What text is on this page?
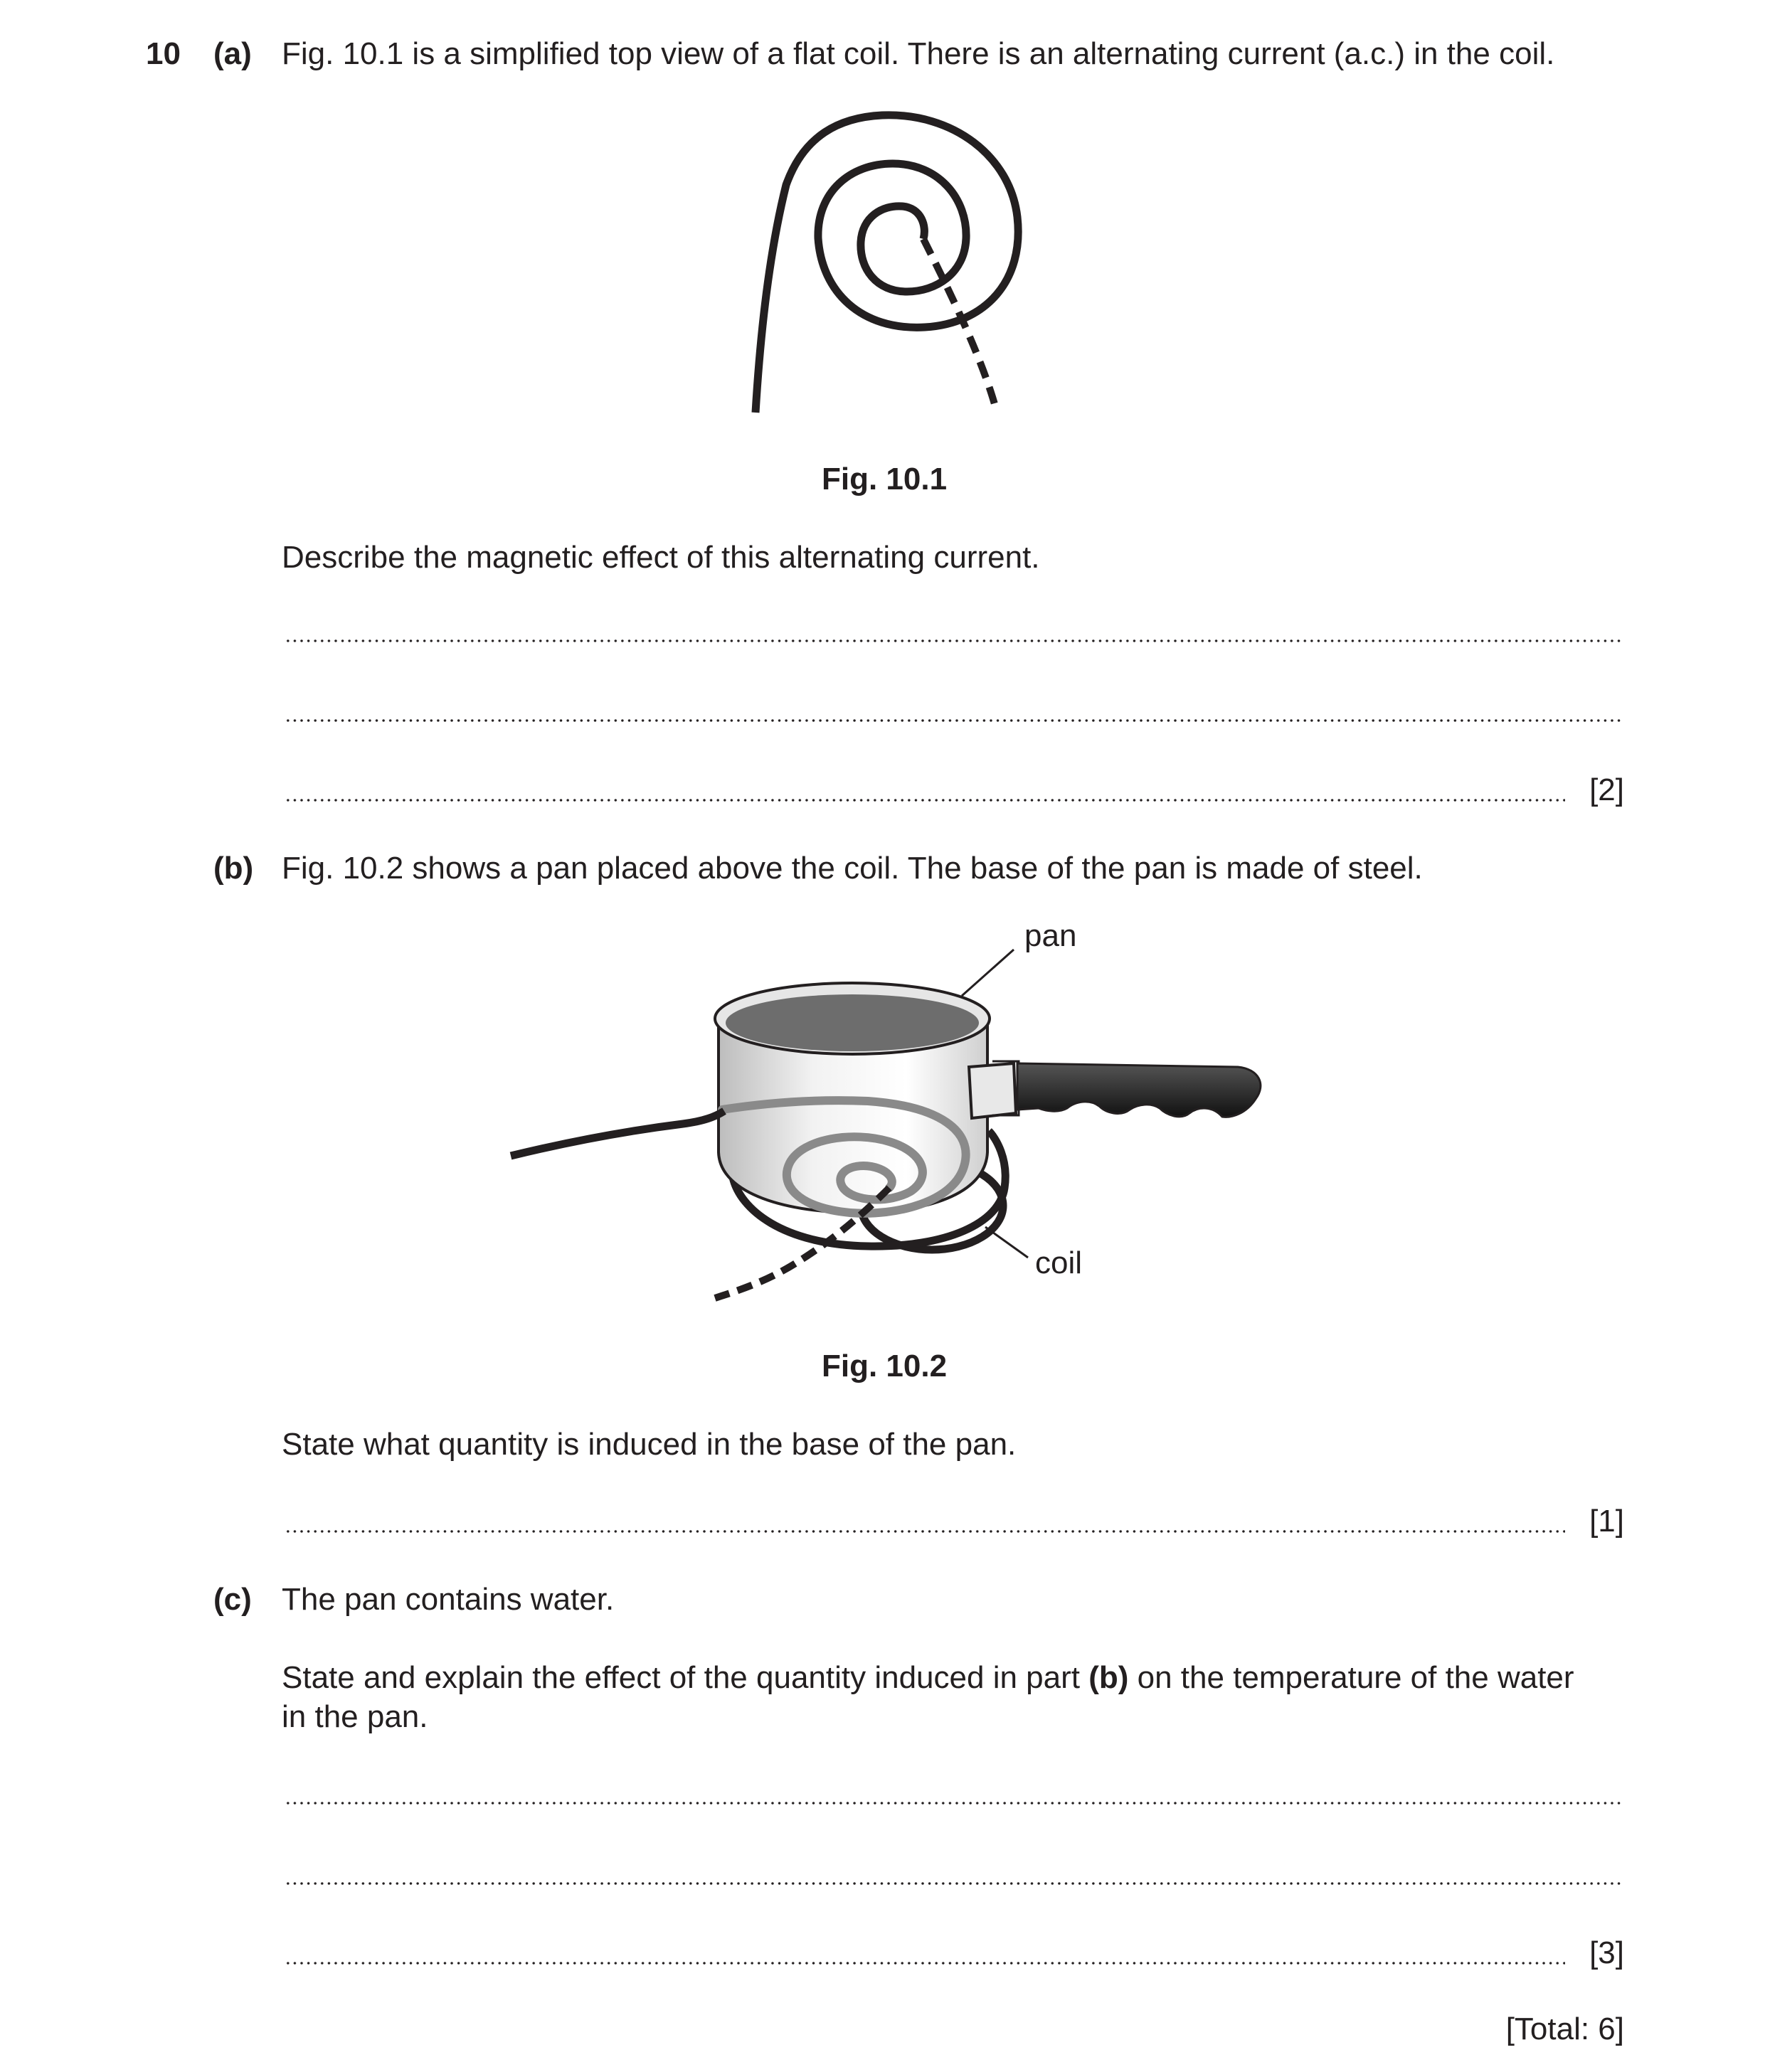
10 (a) Fig. 10.1 is a simplified top view of a flat coil. There is an alternating current (a.c.) in the coil.
Fig. 10.1
Describe the magnetic effect of this alternating current.
[2]
(b) Fig. 10.2 shows a pan placed above the coil. The base of the pan is made of steel.
pan
coil
Fig. 10.2
State what quantity is induced in the base of the pan.
[1]
(c) The pan contains water.
State and explain the effect of the quantity induced in part (b) on the temperature of the water
in the pan.
[3]
[Total: 6]
